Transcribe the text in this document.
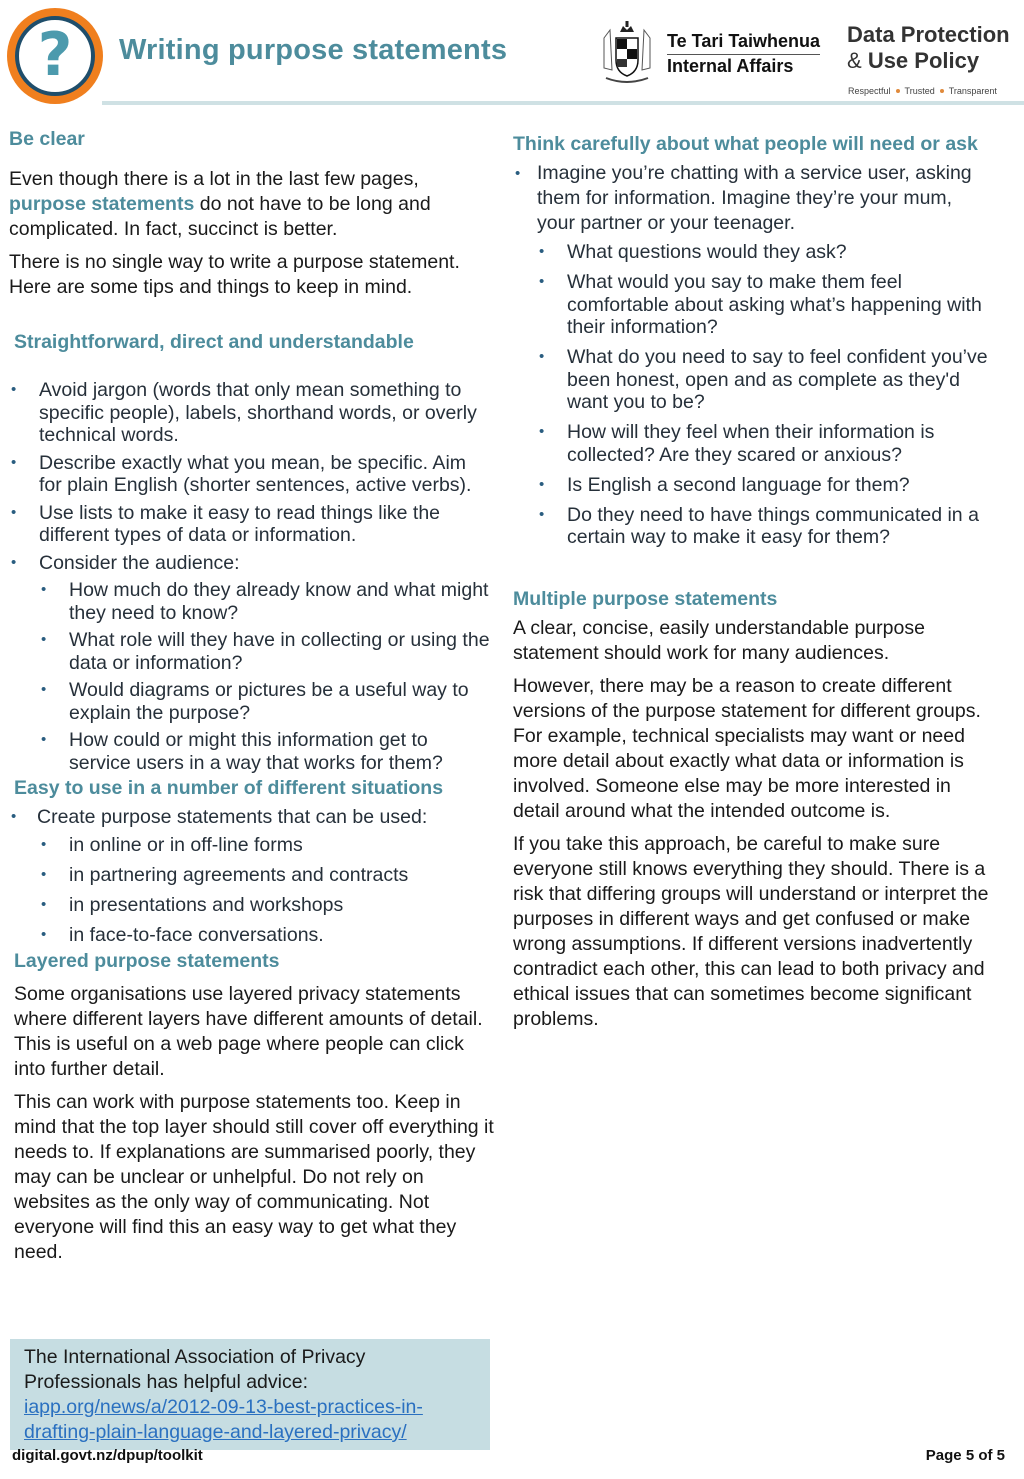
? Writing purpose statements	Te Tari Taiwhenua
Internal Affairs
Data Protection
& Use Policy
Respectful Trusted Transparent
Be clear

Even though there is a lot in the last few pages, purpose statements do not have to be long and complicated. In fact, succinct is better.

There is no single way to write a purpose statement. Here are some tips and things to keep in mind.

Straightforward, direct and understandable
• Avoid jargon (words that only mean something to specific people), labels, shorthand words, or overly technical words.
• Describe exactly what you mean, be specific. Aim for plain English (shorter sentences, active verbs).
• Use lists to make it easy to read things like the different types of data or information.
• Consider the audience:
• How much do they already know and what might they need to know?
• What role will they have in collecting or using the data or information?
• Would diagrams or pictures be a useful way to explain the purpose?
• How could or might this information get to service users in a way that works for them?
Easy to use in a number of different situations
• Create purpose statements that can be used:
• in online or in off-line forms
• in partnering agreements and contracts
• in presentations and workshops
• in face-to-face conversations.
Layered purpose statements

Some organisations use layered privacy statements where different layers have different amounts of detail. This is useful on a web page where people can click into further detail.

This can work with purpose statements too. Keep in mind that the top layer should still cover off everything it needs to. If explanations are summarised poorly, they may can be unclear or unhelpful. Do not rely on websites as the only way of communicating. Not everyone will find this an easy way to get what they need.

Think carefully about what people will need or ask
• Imagine you’re chatting with a service user, asking them for information. Imagine they’re your mum, your partner or your teenager.
• What questions would they ask?
• What would you say to make them feel comfortable about asking what’s happening with their information?
• What do you need to say to feel confident you’ve been honest, open and as complete as they'd want you to be?
• How will they feel when their information is collected? Are they scared or anxious?
• Is English a second language for them?
• Do they need to have things communicated in a certain way to make it easy for them?
Multiple purpose statements

A clear, concise, easily understandable purpose statement should work for many audiences.

However, there may be a reason to create different versions of the purpose statement for different groups. For example, technical specialists may want or need more detail about exactly what data or information is involved. Someone else may be more interested in detail around what the intended outcome is.

If you take this approach, be careful to make sure everyone still knows everything they should. There is a risk that differing groups will understand or interpret the purposes in different ways and get confused or make wrong assumptions. If different versions inadvertently contradict each other, this can lead to both privacy and ethical issues that can sometimes become significant problems.

The International Association of Privacy Professionals has helpful advice:
iapp.org/news/a/2012-09-13-best-practices-in-drafting-plain-language-and-layered-privacy/
digital.govt.nz/dpup/toolkit	Page 5 of 5
